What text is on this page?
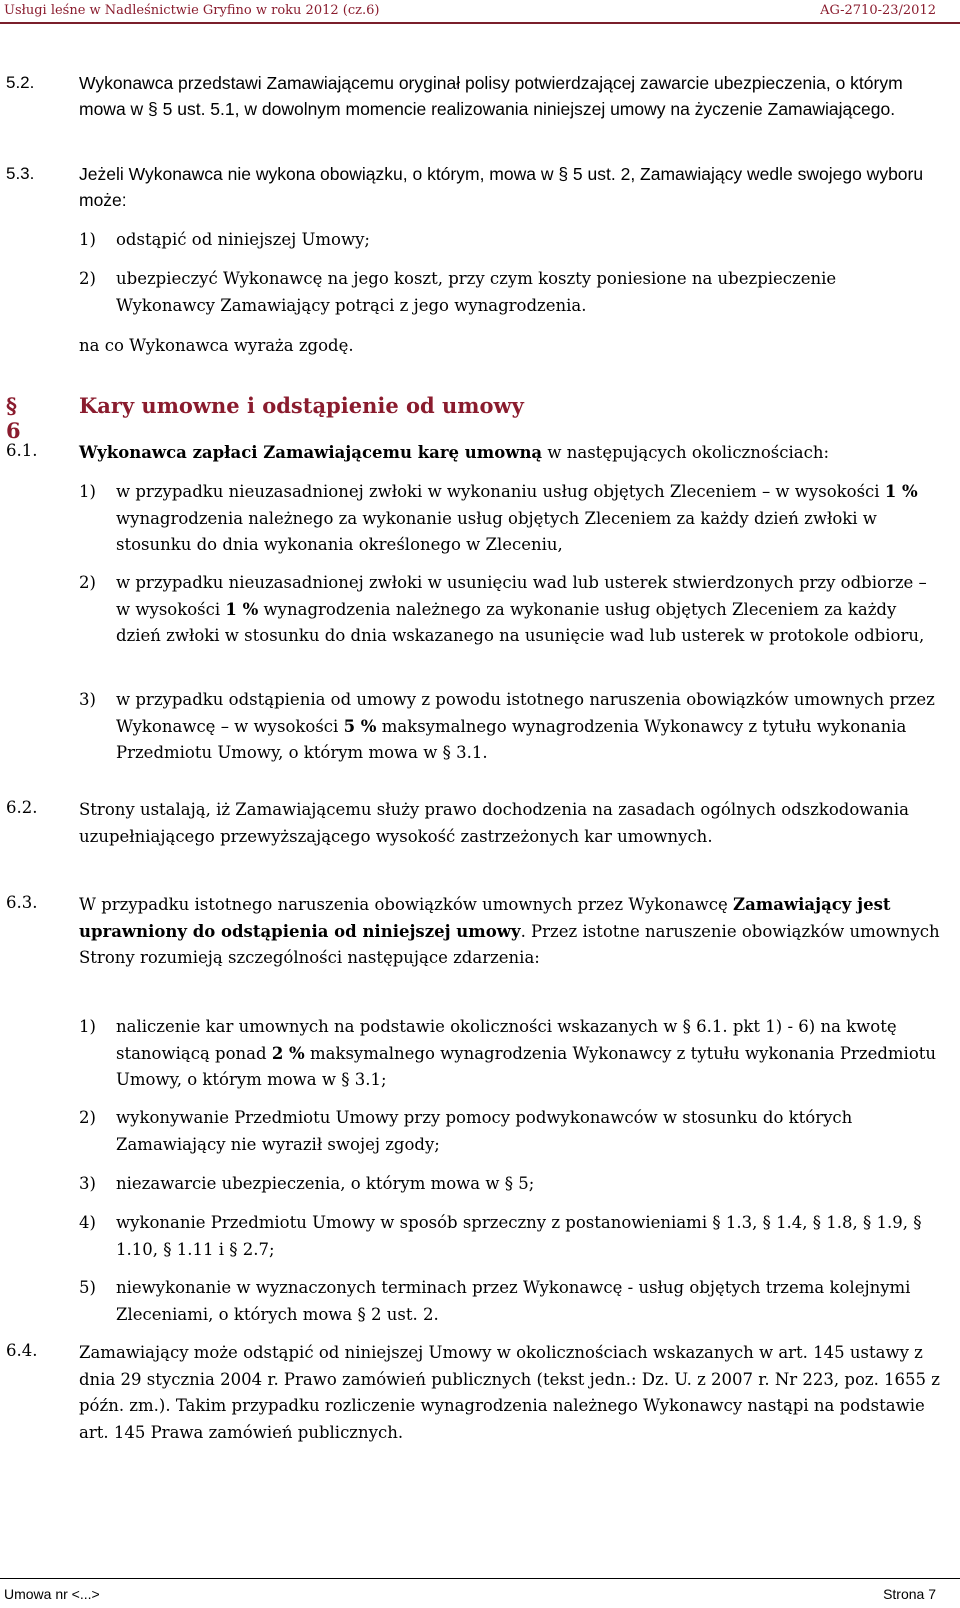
Usługi leśne w Nadleśnictwie Gryfino w roku 2012 (cz.6)	AG-2710-23/2012
5.2.	Wykonawca przedstawi Zamawiającemu oryginał polisy potwierdzającej zawarcie ubezpieczenia, o którym mowa w § 5 ust. 5.1, w dowolnym momencie realizowania niniejszej umowy na życzenie Zamawiającego.
5.3.	Jeżeli Wykonawca nie wykona obowiązku, o którym, mowa w § 5 ust. 2, Zamawiający wedle swojego wyboru może:
1) odstąpić od niniejszej Umowy;
2) ubezpieczyć Wykonawcę na jego koszt, przy czym koszty poniesione na ubezpieczenie Wykonawcy Zamawiający potrąci z jego wynagrodzenia.
na co Wykonawca wyraża zgodę.
§ 6
Kary umowne i odstąpienie od umowy
6.1.	Wykonawca zapłaci Zamawiającemu karę umowną w następujących okolicznościach:
1) w przypadku nieuzasadnionej zwłoki w wykonaniu usług objętych Zleceniem – w wysokości 1 % wynagrodzenia należnego za wykonanie usług objętych Zleceniem za każdy dzień zwłoki w stosunku do dnia wykonania określonego w Zleceniu,
2) w przypadku nieuzasadnionej zwłoki w usunięciu wad lub usterek stwierdzonych przy odbiorze – w wysokości 1 % wynagrodzenia należnego za wykonanie usług objętych Zleceniem za każdy dzień zwłoki w stosunku do dnia wskazanego na usunięcie wad lub usterek w protokole odbioru,
3) w przypadku odstąpienia od umowy z powodu istotnego naruszenia obowiązków umownych przez Wykonawcę – w wysokości 5 % maksymalnego wynagrodzenia Wykonawcy z tytułu wykonania Przedmiotu Umowy, o którym mowa w § 3.1.
6.2.	Strony ustalają, iż Zamawiającemu służy prawo dochodzenia na zasadach ogólnych odszkodowania uzupełniającego przewyższającego wysokość zastrzeżonych kar umownych.
6.3.	W przypadku istotnego naruszenia obowiązków umownych przez Wykonawcę Zamawiający jest uprawniony do odstąpienia od niniejszej umowy. Przez istotne naruszenie obowiązków umownych Strony rozumieją szczególności następujące zdarzenia:
1) naliczenie kar umownych na podstawie okoliczności wskazanych w § 6.1. pkt 1) - 6) na kwotę stanowiącą ponad 2 % maksymalnego wynagrodzenia Wykonawcy z tytułu wykonania Przedmiotu Umowy, o którym mowa w § 3.1;
2) wykonywanie Przedmiotu Umowy przy pomocy podwykonawców w stosunku do których Zamawiający nie wyraził swojej zgody;
3) niezawarcie ubezpieczenia, o którym mowa w § 5;
4) wykonanie Przedmiotu Umowy w sposób sprzeczny z postanowieniami § 1.3, § 1.4, § 1.8, § 1.9, § 1.10, § 1.11 i § 2.7;
5) niewykonanie w wyznaczonych terminach przez Wykonawcę - usług objętych trzema kolejnymi Zleceniami, o których mowa § 2 ust. 2.
6.4.	Zamawiający może odstąpić od niniejszej Umowy w okolicznościach wskazanych w art. 145 ustawy z dnia 29 stycznia 2004 r. Prawo zamówień publicznych (tekst jedn.: Dz. U. z 2007 r. Nr 223, poz. 1655 z późn. zm.). Takim przypadku rozliczenie wynagrodzenia należnego Wykonawcy nastąpi na podstawie art. 145 Prawa zamówień publicznych.
Umowa nr <...>	Strona 7
